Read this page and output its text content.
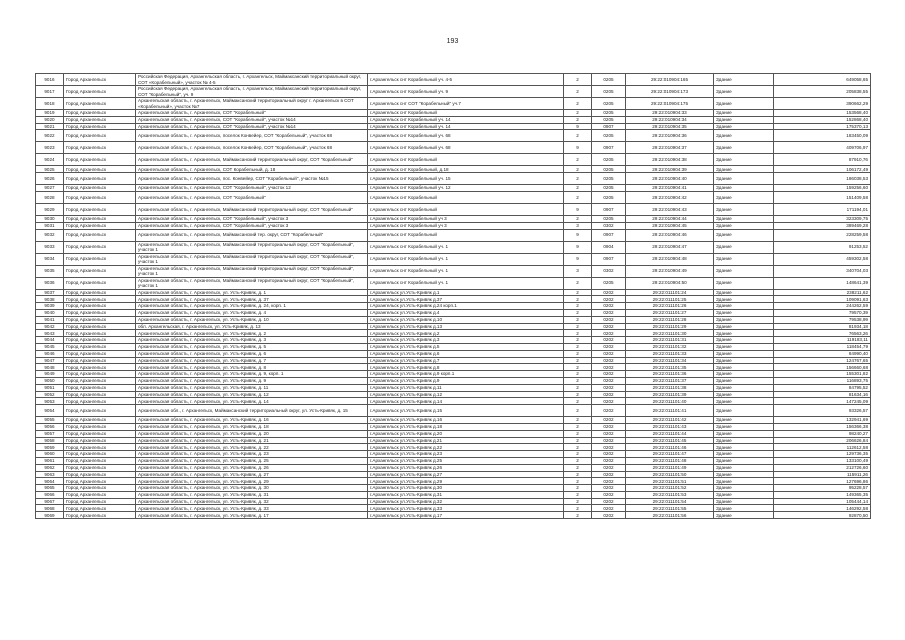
193
9016	Город Архангельск	Российская Федерация, Архангельская область, г. Архангельск, Маймаксанский территориальный округ, СОТ «Корабельный», участок № 4-5	г.Архангельск снт Корабельный уч. 4-5	2	0205	29:22:010904:165	Здание	649058,65
9017	Город Архангельск	Российская Федерация, Архангельская область, г. Архангельск, Маймаксанский территориальный округ, СОТ "Корабельный", уч. 9	г.Архангельск снт Корабельный уч. 9	2	0205	29:22:010904:173	Здание	205838,55
9018	Город Архангельск	Архангельская область, г. Архангельск, Маймаксанский территориальный округ г. Архангельск в СОТ «Корабельный», участок №7	г.Архангельск снт СОТ "Корабельный" уч.7	2	0205	29:22:010904:175	Здание	390662,29
9019	Город Архангельск	Архангельская область, г. Архангельск, СОТ "Корабельный"	г.Архангельск снт Корабельный	2	0205	29:22:010904:33	Здание	153568,40
9020	Город Архангельск	Архангельская область, г. Архангельск, СОТ "Корабельный", участок №14	г.Архангельск снт Корабельный уч. 14	2	0205	29:22:010904:34	Здание	152868,40
9021	Город Архангельск	Архангельская область, г. Архангельск, СОТ "Корабельный", участок №14	г.Архангельск снт Корабельный уч. 14	9	0907	29:22:010904:35	Здание	175370,13
9022	Город Архангельск	Архангельская область, г. Архангельск, поселок Конвейер, СОТ "Корабельный", участок 68	г.Архангельск снт Корабельный уч. 68	2	0205	29:22:010904:36	Здание	183450,09
9023	Город Архангельск	Архангельская область, г. Архангельск, поселок Конвейер, СОТ "Корабельный", участок 68	г.Архангельск снт Корабельный уч. 68	9	0907	29:22:010904:37	Здание	409706,97
9024	Город Архангельск	Архангельская область, г. Архангельск, Маймаксанский территориальный округ, СОТ "Корабельный"	г.Архангельск снт Корабельный	2	0205	29:22:010904:38	Здание	87910,76
9025	Город Архангельск	Архангельская область, г. Архангельск, СОТ Корабельный, д. 18	г.Архангельск снт Корабельный, д.18	2	0205	29:22:010904:39	Здание	106172,49
9026	Город Архангельск	Архангельская область, г. Архангельск, пос. Конвейер, СОТ "Корабельный", участок №15	г.Архангельск снт Корабельный уч. 15	2	0205	29:22:010904:40	Здание	186038,53
9027	Город Архангельск	Архангельская область, г. Архангельск, СОТ "Корабельный", участок 12	г.Архангельск снт Корабельный уч. 12	2	0205	29:22:010904:41	Здание	159256,60
9028	Город Архангельск	Архангельская область, г. Архангельск, СОТ "Корабельный"	г.Архангельск снт Корабельный	2	0205	29:22:010904:42	Здание	151409,58
9029	Город Архангельск	Архангельская область, г. Архангельск, Маймаксанский территориальный округ, СОТ "Корабельный"	г.Архангельск снт Корабельный	9	0907	29:22:010904:43	Здание	171194,01
9030	Город Архангельск	Архангельская область, г. Архангельск, СОТ "Корабельный", участок 3	г.Архангельск снт Корабельный уч 3	2	0205	29:22:010904:44	Здание	323309,75
9031	Город Архангельск	Архангельская область, г. Архангельск, СОТ "Корабельный", участок 3	г.Архангельск снт Корабельный уч 3	3	0302	29:22:010904:45	Здание	389469,28
9032	Город Архангельск	Архангельская область, г. Архангельск, Маймаксанский тер. округ, СОТ "Корабельный"	г.Архангельск снт Корабельный	9	0907	29:22:010904:46	Здание	228259,58
9033	Город Архангельск	Архангельская область, г. Архангельск, Маймаксанский территориальный округ, СОТ "Корабельный", участок 1	г.Архангельск снт Корабельный уч. 1	9	0904	29:22:010904:47	Здание	91253,52
9034	Город Архангельск	Архангельская область, г. Архангельск, Маймаксанский территориальный округ, СОТ "Корабельный", участок 1	г.Архангельск снт Корабельный уч. 1	9	0907	29:22:010904:48	Здание	459302,58
9035	Город Архангельск	Архангельская область, г. Архангельск, Маймаксанский территориальный округ, СОТ "Корабельный", участок 1	г.Архангельск снт Корабельный уч. 1	3	0302	29:22:010904:49	Здание	340704,03
9036	Город Архангельск	Архангельская область, г. Архангельск, Маймаксанский территориальный округ, СОТ "Корабельный", участок 1	г.Архангельск снт Корабельный уч. 1	2	0205	29:22:010904:50	Здание	148641,39
9037	Город Архангельск	Архангельская область, г. Архангельск, ул. Усть-Кривяк, д. 1	г.Архангельск ул.Усть-Кривяк д.1	2	0202	29:22:011101:24	Здание	238211,62
9038	Город Архангельск	Архангельская область, г. Архангельск, ул. Усть-Кривяк, д. 37	г.Архангельск ул.Усть-Кривяк д.37	2	0202	29:22:011101:25	Здание	109091,63
9039	Город Архангельск	Архангельская область, г. Архангельск, ул. Усть-Кривяк, д. 24, корп. 1	г.Архангельск ул.Усть-Кривяк д.24 корп.1	2	0202	29:22:011101:26	Здание	244262,59
9040	Город Архангельск	Архангельская область, г. Архангельск, ул. Усть-Кривяк, д. 4	г.Архангельск ул.Усть-Кривяк д.4	2	0202	29:22:011101:27	Здание	79570,39
9041	Город Архангельск	Архангельская область, г. Архангельск, ул. Усть-Кривяк, д. 10	г.Архангельск ул.Усть-Кривяк д.10	2	0202	29:22:011101:28	Здание	79538,99
9042	Город Архангельск	обл. Архангельская, г. Архангельск, ул. Усть-Кривяк, д. 13	г.Архангельск ул.Усть-Кривяк д.13	2	0202	29:22:011101:29	Здание	81934,18
9043	Город Архангельск	Архангельская область, г. Архангельск, ул. Усть-Кривяк, д. 2	г.Архангельск ул.Усть-Кривяк д.2	2	0202	29:22:011101:30	Здание	76563,26
9044	Город Архангельск	Архангельская область, г. Архангельск, ул. Усть-Кривяк, д. 3	г.Архангельск ул.Усть-Кривяк д.3	2	0202	29:22:011101:31	Здание	119183,11
9045	Город Архангельск	Архангельская область, г. Архангельск, ул. Усть-Кривяк, д. 5	г.Архангельск ул.Усть-Кривяк д.5	2	0202	29:22:011101:32	Здание	118454,79
9046	Город Архангельск	Архангельская область, г. Архангельск, ул. Усть-Кривяк, д. 6	г.Архангельск ул.Усть-Кривяк д.6	2	0202	29:22:011101:33	Здание	84990,40
9047	Город Архангельск	Архангельская область, г. Архангельск, ул. Усть-Кривяк, д. 7	г.Архангельск ул.Усть-Кривяк д.7	2	0202	29:22:011101:34	Здание	124767,65
9048	Город Архангельск	Архангельская область, г. Архангельск, ул. Усть-Кривяк, д. 8	г.Архангельск ул.Усть-Кривяк д.8	2	0202	29:22:011101:35	Здание	156660,68
9049	Город Архангельск	Архангельская область, г. Архангельск, ул. Усть-Кривяк, д. 9, корп. 1	г.Архангельск ул.Усть-Кривяк д.9 корп.1	2	0202	29:22:011101:36	Здание	155301,82
9050	Город Архангельск	Архангельская область, г. Архангельск, ул. Усть-Кривяк, д. 9	г.Архангельск ул.Усть-Кривяк д.9	2	0202	29:22:011101:37	Здание	116893,75
9051	Город Архангельск	Архангельская область, г. Архангельск, ул. Усть-Кривяк, д. 11	г.Архангельск ул.Усть-Кривяк д.11	2	0202	29:22:011101:38	Здание	84795,52
9052	Город Архангельск	Архангельская область, г. Архангельск, ул. Усть-Кривяк, д. 12	г.Архангельск ул.Усть-Кривяк д.12	2	0202	29:22:011101:39	Здание	81634,16
9053	Город Архангельск	Архангельская область, г. Архангельск, ул. Усть-Кривяк, д. 14	г.Архангельск ул.Усть-Кривяк д.14	2	0202	29:22:011101:40	Здание	147245,09
9054	Город Архангельск	Архангельская обл., г. Архангельск, Маймаксанский территориальный округ, ул. Усть-Кривяк, д. 15	г.Архангельск ул.Усть-Кривяк д.15	2	0202	29:22:011101:41	Здание	93326,57
9055	Город Архангельск	Архангельская область, г. Архангельск, ул. Усть-Кривяк, д. 16	г.Архангельск ул.Усть-Кривяк д.16	2	0202	29:22:011101:42	Здание	132941,69
9056	Город Архангельск	Архангельская область, г. Архангельск, ул. Усть-Кривяк, д. 18	г.Архангельск ул.Усть-Кривяк д.18	2	0202	29:22:011101:43	Здание	156366,38
9057	Город Архангельск	Архангельская область, г. Архангельск, ул. Усть-Кривяк, д. 20	г.Архангельск ул.Усть-Кривяк д.20	2	0202	29:22:011101:44	Здание	98240,27
9058	Город Архангельск	Архангельская область, г. Архангельск, ул. Усть-Кривяк, д. 21	г.Архангельск ул.Усть-Кривяк д.21	2	0202	29:22:011101:45	Здание	206626,84
9059	Город Архангельск	Архангельская область, г. Архангельск, ул. Усть-Кривяк, д. 22	г.Архангельск ул.Усть-Кривяк д.22	2	0202	29:22:011101:46	Здание	112612,58
9060	Город Архангельск	Архангельская область, г. Архангельск, ул. Усть-Кривяк, д. 23	г.Архангельск ул.Усть-Кривяк д.23	2	0202	29:22:011101:47	Здание	129736,35
9061	Город Архангельск	Архангельская область, г. Архангельск, ул. Усть-Кривяк, д. 25	г.Архангельск ул.Усть-Кривяк д.25	2	0202	29:22:011101:48	Здание	133100,49
9062	Город Архангельск	Архангельская область, г. Архангельск, ул. Усть-Кривяк, д. 26	г.Архангельск ул.Усть-Кривяк д.26	2	0202	29:22:011101:49	Здание	212726,60
9063	Город Архангельск	Архангельская область, г. Архангельск, ул. Усть-Кривяк, д. 27	г.Архангельск ул.Усть-Кривяк д.27	2	0202	29:22:011101:50	Здание	115911,26
9064	Город Архангельск	Архангельская область, г. Архангельск, ул. Усть-Кривяк, д. 29	г.Архангельск ул.Усть-Кривяк д.29	2	0202	29:22:011101:51	Здание	127696,86
9065	Город Архангельск	Архангельская область, г. Архангельск, ул. Усть-Кривяк, д. 30	г.Архангельск ул.Усть-Кривяк д.30	2	0202	29:22:011101:52	Здание	95228,57
9066	Город Архангельск	Архангельская область, г. Архангельск, ул. Усть-Кривяк, д. 31	г.Архангельск ул.Усть-Кривяк д.31	2	0202	29:22:011101:53	Здание	149365,35
9067	Город Архангельск	Архангельская область, г. Архангельск, ул. Усть-Кривяк, д. 32	г.Архангельск ул.Усть-Кривяк д.32	2	0202	29:22:011101:54	Здание	105444,14
9068	Город Архангельск	Архангельская область, г. Архангельск, ул. Усть-Кривяк, д. 33	г.Архангельск ул.Усть-Кривяк д.33	2	0202	29:22:011101:55	Здание	146292,58
9069	Город Архангельск	Архангельская область, г. Архангельск, ул. Усть-Кривяк, д. 17	г.Архангельск ул.Усть-Кривяк д.17	2	0202	29:22:011101:56	Здание	92870,50
